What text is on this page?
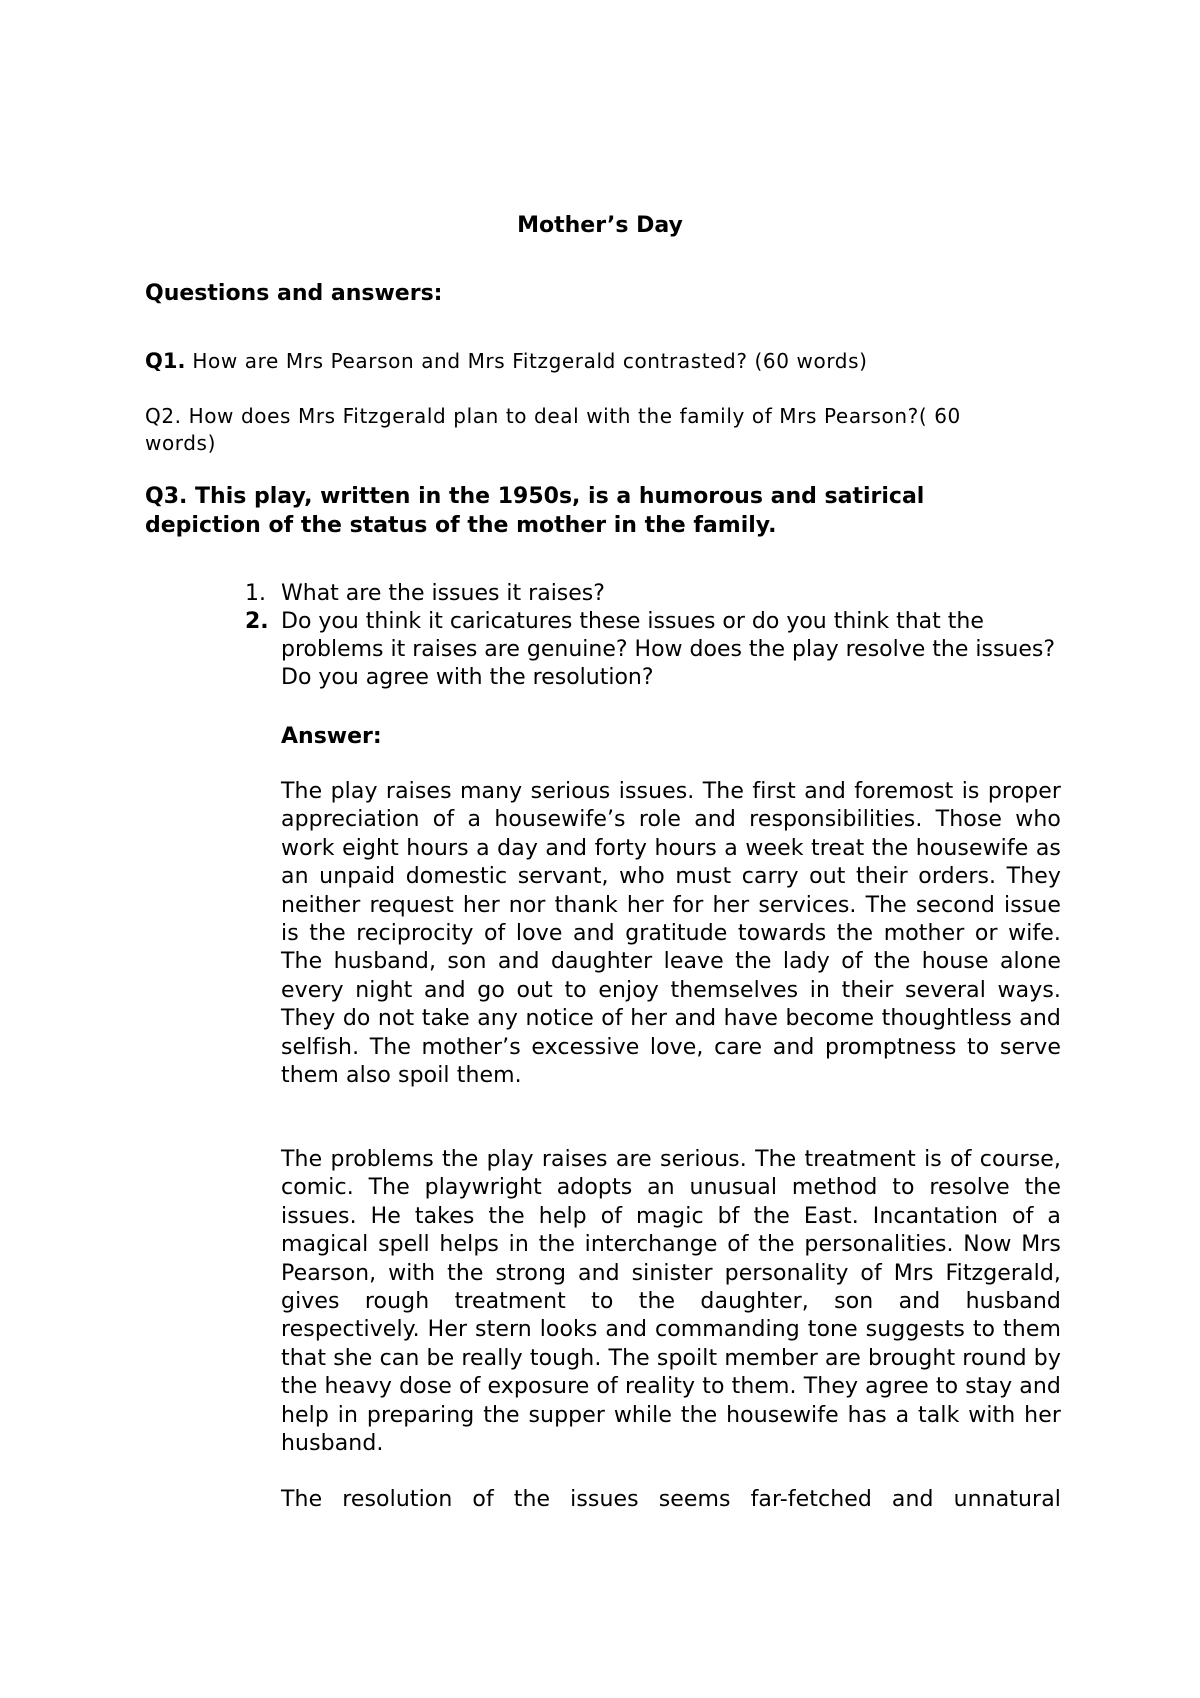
Mother’s Day
Questions and answers:
Q1. How are Mrs Pearson and Mrs Fitzgerald contrasted? (60 words)
Q2. How does Mrs Fitzgerald plan to deal with the family of Mrs Pearson?( 60 words)
Q3. This play, written in the 1950s, is a humorous and satirical depiction of the status of the mother in the family.
1. What are the issues it raises?
2. Do you think it caricatures these issues or do you think that the problems it raises are genuine? How does the play resolve the issues? Do you agree with the resolution?
Answer:
The play raises many serious issues. The first and foremost is proper appreciation of a housewife’s role and responsibilities. Those who work eight hours a day and forty hours a week treat the housewife as an unpaid domestic servant, who must carry out their orders. They neither request her nor thank her for her services. The second issue is the reciprocity of love and gratitude towards the mother or wife. The husband, son and daughter leave the lady of the house alone every night and go out to enjoy themselves in their several ways. They do not take any notice of her and have become thoughtless and selfish. The mother’s excessive love, care and promptness to serve them also spoil them.
The problems the play raises are serious. The treatment is of course, comic. The playwright adopts an unusual method to resolve the issues. He takes the help of magic bf the East. Incantation of a magical spell helps in the interchange of the personalities. Now Mrs Pearson, with the strong and sinister personality of Mrs Fitzgerald, gives rough treatment to the daughter, son and husband respectively. Her stern looks and commanding tone suggests to them that she can be really tough. The spoilt member are brought round by the heavy dose of exposure of reality to them. They agree to stay and help in preparing the supper while the housewife has a talk with her husband.
The resolution of the issues seems far-fetched and unnatural
